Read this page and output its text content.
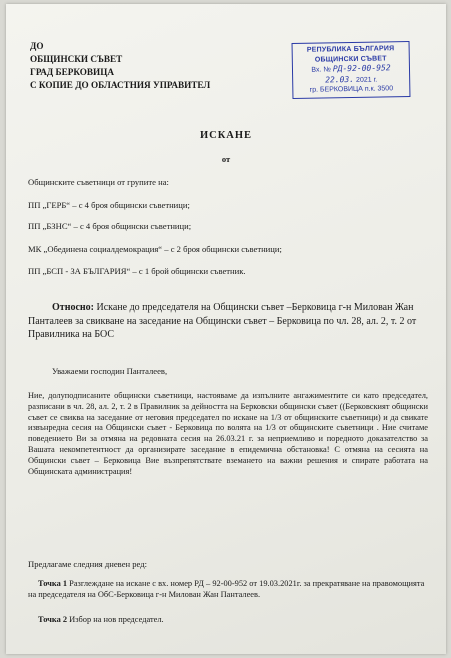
ДО
ОБЩИНСКИ СЪВЕТ
ГРАД БЕРКОВИЦА
С КОПИЕ ДО ОБЛАСТНИЯ УПРАВИТЕЛ
РЕПУБЛИКА БЪЛГАРИЯ
ОБЩИНСКИ СЪВЕТ
Вх. № РД-92-00-952
22.03. 2021 г.
гр. БЕРКОВИЦА п.к. 3500
ИСКАНЕ
от
Общинските съветници от групите на:
ПП „ГЕРБ“ – с 4 броя общински съветници;
ПП „БЗНС“ – с 4 броя общински съветници;
МК „Обединена социалдемокрация“ – с 2 броя общински съветници;
ПП „БСП - ЗА БЪЛГАРИЯ“ – с 1 брой общински съветник.
Относно: Искане до председателя на Общински съвет –Берковица г-н Милован Жан Панталеев за свикване на заседание на Общински съвет – Берковица по чл. 28, ал. 2, т. 2 от Правилника на БОС
Уважаеми господин Панталеев,
Ние, долуподписаните общински съветници, настояваме да изпълните ангажиментите си като председател, разписани в чл. 28, ал. 2, т. 2 в Правилник за дейността на Берковски общински съвет ((Берковският общински съвет се свиква на заседание от неговия председател по искане на 1/3 от общинските съветници) и да свикате извънредна сесия на Общински съвет - Берковица по волята на 1/3 от общинските съветници . Ние считаме поведението Ви за отмяна на редовната сесия на 26.03.21 г. за неприемливо и поредното доказателство за Вашата некомпетентност да организирате заседание в епидемична обстановка! С отмяна на сесията на Общински съвет – Берковица Вие възпрепятствате вземането на важни решения и спирате работата на Общинската администрация!
Предлагаме следния дневен ред:
Точка 1 Разглеждане на искане с вх. номер РД – 92-00-952 от 19.03.2021г. за прекратяване на правомощията на председателя на ОбС-Берковица г-н Милован Жан Панталеев.
Точка 2 Избор на нов председател.
